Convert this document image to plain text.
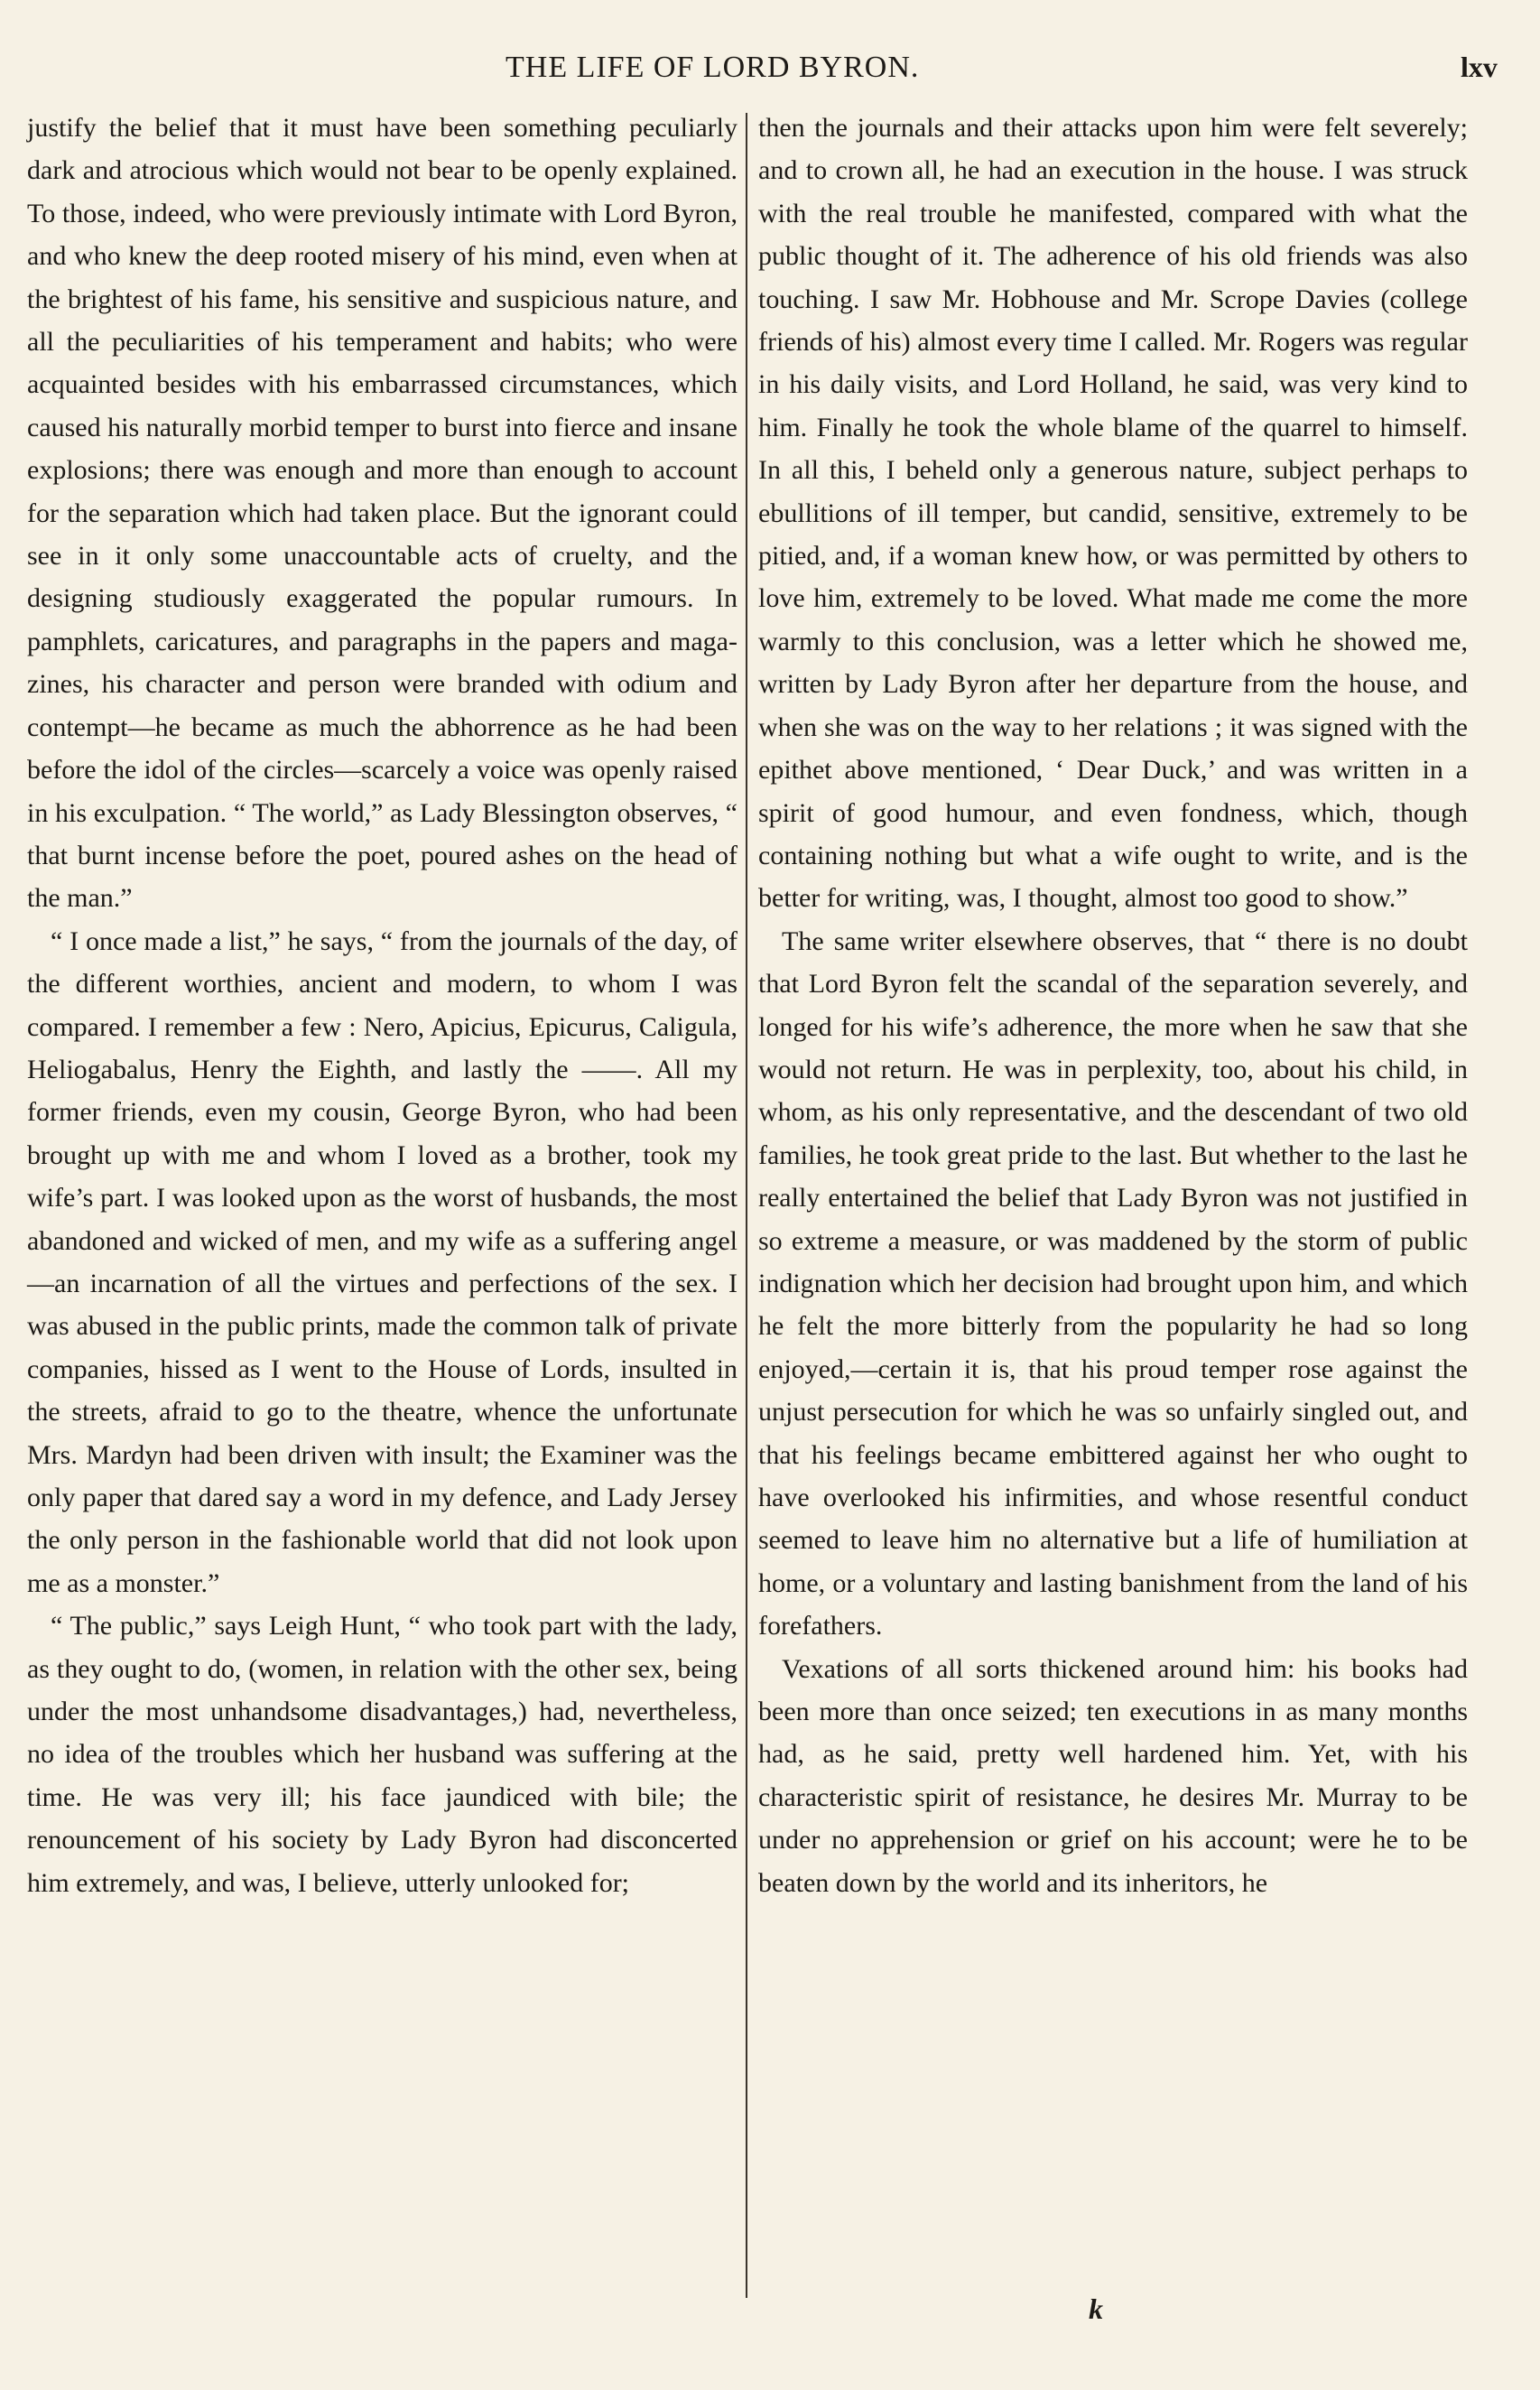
THE LIFE OF LORD BYRON.	lxv

justify the belief that it must have been something peculiarly dark and atrocious which would not bear to be openly explained. To those, indeed, who were previously intimate with Lord Byron, and who knew the deep rooted misery of his mind, even when at the brightest of his fame, his sensitive and suspicious nature, and all the peculiarities of his temperament and habits; who were acquainted besides with his embarrassed circumstances, which caused his naturally morbid temper to burst into fierce and insane explosions; there was enough and more than enough to account for the separation which had taken place. But the ignorant could see in it only some unaccountable acts of cruelty, and the designing studiously exaggerated the popular rumours. In pamphlets, caricatures, and paragraphs in the papers and magazines, his character and person were branded with odium and contempt—he became as much the abhorrence as he had been before the idol of the circles—scarcely a voice was openly raised in his exculpation. “ The world,” as Lady Blessington observes, “ that burnt incense before the poet, poured ashes on the head of the man.”

“ I once made a list,” he says, “ from the journals of the day, of the different worthies, ancient and modern, to whom I was compared. I remember a few : Nero, Apicius, Epicurus, Caligula, Heliogabalus, Henry the Eighth, and lastly the ——. All my former friends, even my cousin, George Byron, who had been brought up with me and whom I loved as a brother, took my wife’s part. I was looked upon as the worst of husbands, the most abandoned and wicked of men, and my wife as a suffering angel—an incarnation of all the virtues and perfections of the sex. I was abused in the public prints, made the common talk of private companies, hissed as I went to the House of Lords, insulted in the streets, afraid to go to the theatre, whence the unfortunate Mrs. Mardyn had been driven with insult; the Examiner was the only paper that dared say a word in my defence, and Lady Jersey the only person in the fashionable world that did not look upon me as a monster.”

“ The public,” says Leigh Hunt, “ who took part with the lady, as they ought to do, (women, in relation with the other sex, being under the most unhandsome disadvantages,) had, nevertheless, no idea of the troubles which her husband was suffering at the time. He was very ill; his face jaundiced with bile; the renouncement of his society by Lady Byron had disconcerted him extremely, and was, I believe, utterly unlooked for;

then the journals and their attacks upon him were felt severely; and to crown all, he had an execution in the house. I was struck with the real trouble he manifested, compared with what the public thought of it. The adherence of his old friends was also touching. I saw Mr. Hobhouse and Mr. Scrope Davies (college friends of his) almost every time I called. Mr. Rogers was regular in his daily visits, and Lord Holland, he said, was very kind to him. Finally he took the whole blame of the quarrel to himself. In all this, I beheld only a generous nature, subject perhaps to ebullitions of ill temper, but candid, sensitive, extremely to be pitied, and, if a woman knew how, or was permitted by others to love him, extremely to be loved. What made me come the more warmly to this conclusion, was a letter which he showed me, written by Lady Byron after her departure from the house, and when she was on the way to her relations ; it was signed with the epithet above mentioned, ‘ Dear Duck,’ and was written in a spirit of good humour, and even fondness, which, though containing nothing but what a wife ought to write, and is the better for writing, was, I thought, almost too good to show.”

The same writer elsewhere observes, that “ there is no doubt that Lord Byron felt the scandal of the separation severely, and longed for his wife’s adherence, the more when he saw that she would not return. He was in perplexity, too, about his child, in whom, as his only representative, and the descendant of two old families, he took great pride to the last. But whether to the last he really entertained the belief that Lady Byron was not justified in so extreme a measure, or was maddened by the storm of public indignation which her decision had brought upon him, and which he felt the more bitterly from the popularity he had so long enjoyed,—certain it is, that his proud temper rose against the unjust persecution for which he was so unfairly singled out, and that his feelings became embittered against her who ought to have overlooked his infirmities, and whose resentful conduct seemed to leave him no alternative but a life of humiliation at home, or a voluntary and lasting banishment from the land of his forefathers.

Vexations of all sorts thickened around him: his books had been more than once seized; ten executions in as many months had, as he said, pretty well hardened him. Yet, with his characteristic spirit of resistance, he desires Mr. Murray to be under no apprehension or grief on his account; were he to be beaten down by the world and its inheritors, he

k
